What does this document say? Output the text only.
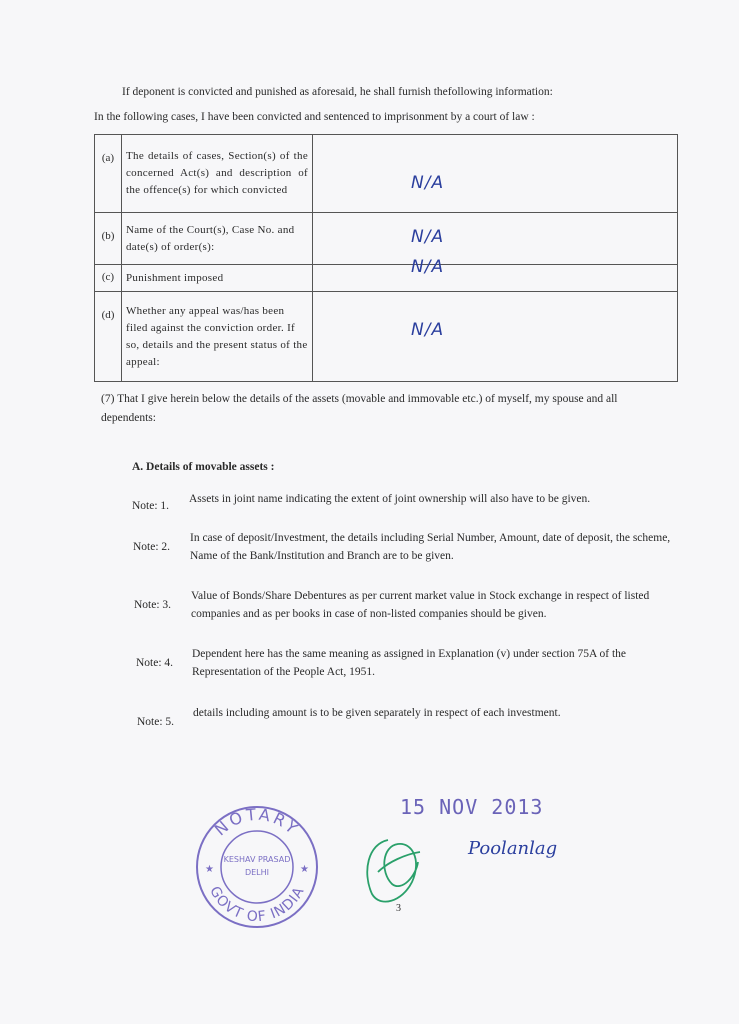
If deponent is convicted and punished as aforesaid, he shall furnish thefollowing information:
In the following cases, I have been convicted and sentenced to imprisonment by a court of law :
(a)	The details of cases, Section(s) of the concerned Act(s) and description of the offence(s) for which convicted	N/A

(b)	Name of the Court(s), Case No. and date(s) of order(s):	N/A

(c)	Punishment imposed	N/A

(d)	Whether any appeal was/has been filed against the conviction order. If so, details and the present status of the appeal:	N/A
(7) That I give herein below the details of the assets (movable and immovable etc.) of myself, my spouse and all
dependents:
A. Details of movable assets :
Note: 1.
Assets in joint name indicating the extent of joint ownership will also have to be given.
Note: 2.
In case of deposit/Investment, the details including Serial Number, Amount, date of deposit, the scheme, Name of the Bank/Institution and Branch are to be given.
Note: 3.
Value of Bonds/Share Debentures as per current market value in Stock exchange in respect of listed companies and as per books in case of non-listed companies should be given.
Note: 4.
Dependent here has the same meaning as assigned in Explanation (v) under section 75A of the Representation of the People Act, 1951.
Note: 5.
details including amount is to be given separately in respect of each investment.
NOTARY
GOVT OF INDIA
KESHAV PRASAD
DELHI
★	★
15 NOV 2013
Poolanlag
3
